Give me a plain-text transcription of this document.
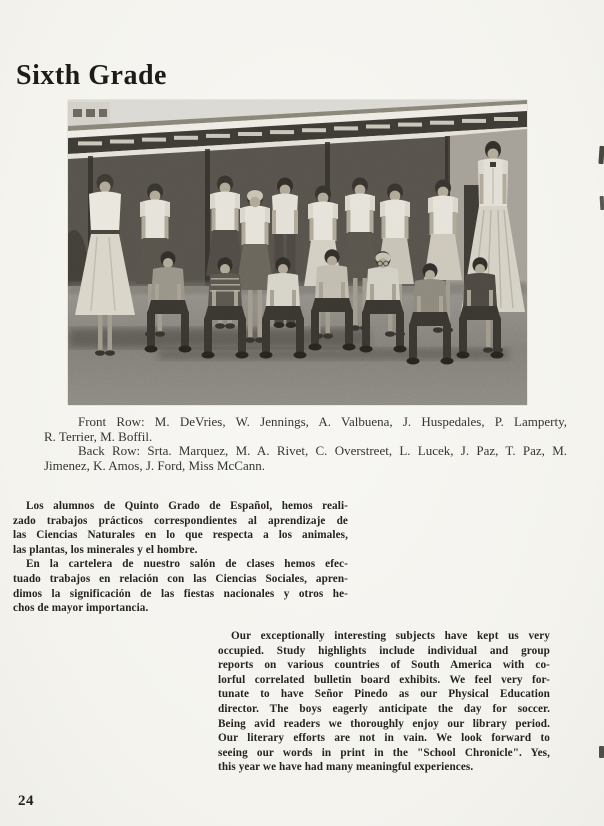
Sixth Grade
Front Row: M. DeVries, W. Jennings, A. Valbuena, J. Huspedales, P. Lamperty,
R. Terrier, M. Boffil.
Back Row: Srta. Marquez, M. A. Rivet, C. Overstreet, L. Lucek, J. Paz, T. Paz, M.
Jimenez, K. Amos, J. Ford, Miss McCann.
Los alumnos de Quinto Grado de Español, hemos reali-
zado trabajos prácticos correspondientes al aprendizaje de
las Ciencias Naturales en lo que respecta a los animales,
las plantas, los minerales y el hombre.
En la cartelera de nuestro salón de clases hemos efec-
tuado trabajos en relación con las Ciencias Sociales, apren-
dimos la significación de las fiestas nacionales y otros he-
chos de mayor importancia.
Our exceptionally interesting subjects have kept us very
occupied. Study highlights include individual and group
reports on various countries of South America with co-
lorful correlated bulletin board exhibits. We feel very for-
tunate to have Señor Pinedo as our Physical Education
director. The boys eagerly anticipate the day for soccer.
Being avid readers we thoroughly enjoy our library period.
Our literary efforts are not in vain. We look forward to
seeing our words in print in the "School Chronicle". Yes,
this year we have had many meaningful experiences.
24
